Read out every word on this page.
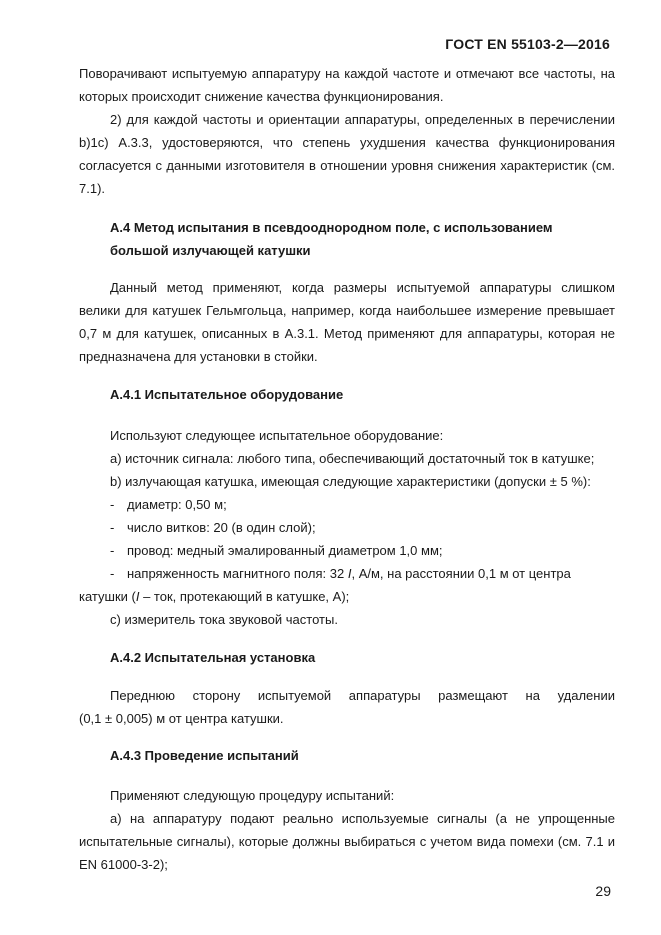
ГОСТ EN 55103-2—2016

Поворачивают испытуемую аппаратуру на каждой частоте и отмечают все частоты, на которых происходит снижение качества функционирования.

2) для каждой частоты и ориентации аппаратуры, определенных в перечислении b)1с) А.3.3, удостоверяются, что степень ухудшения качества функционирования согласуется с данными изготовителя в отношении уровня снижения характеристик (см. 7.1).

А.4 Метод испытания в псевдооднородном поле, с использованием

большой излучающей катушки

Данный метод применяют, когда размеры испытуемой аппаратуры слишком велики для катушек Гельмгольца, например, когда наибольшее измерение превышает 0,7 м для катушек, описанных в А.3.1. Метод применяют для аппаратуры, которая не предназначена для установки в стойки.

А.4.1 Испытательное оборудование

Используют следующее испытательное оборудование:

a) источник сигнала: любого типа, обеспечивающий достаточный ток в катушке;

b) излучающая катушка, имеющая следующие характеристики (допуски ± 5 %):

- диаметр: 0,50 м;

- число витков: 20 (в один слой);

- провод: медный эмалированный диаметром 1,0 мм;

- напряженность магнитного поля: 32 I, А/м, на расстоянии 0,1 м от центра

катушки (I – ток, протекающий в катушке, А);

c) измеритель тока звуковой частоты.

А.4.2 Испытательная установка

Переднюю сторону испытуемой аппаратуры размещают на удалении

(0,1 ± 0,005) м от центра катушки.

А.4.3 Проведение испытаний

Применяют следующую процедуру испытаний:

а) на аппаратуру подают реально используемые сигналы (а не упрощенные испытательные сигналы), которые должны выбираться с учетом вида помехи (см. 7.1 и EN 61000-3-2);

29
